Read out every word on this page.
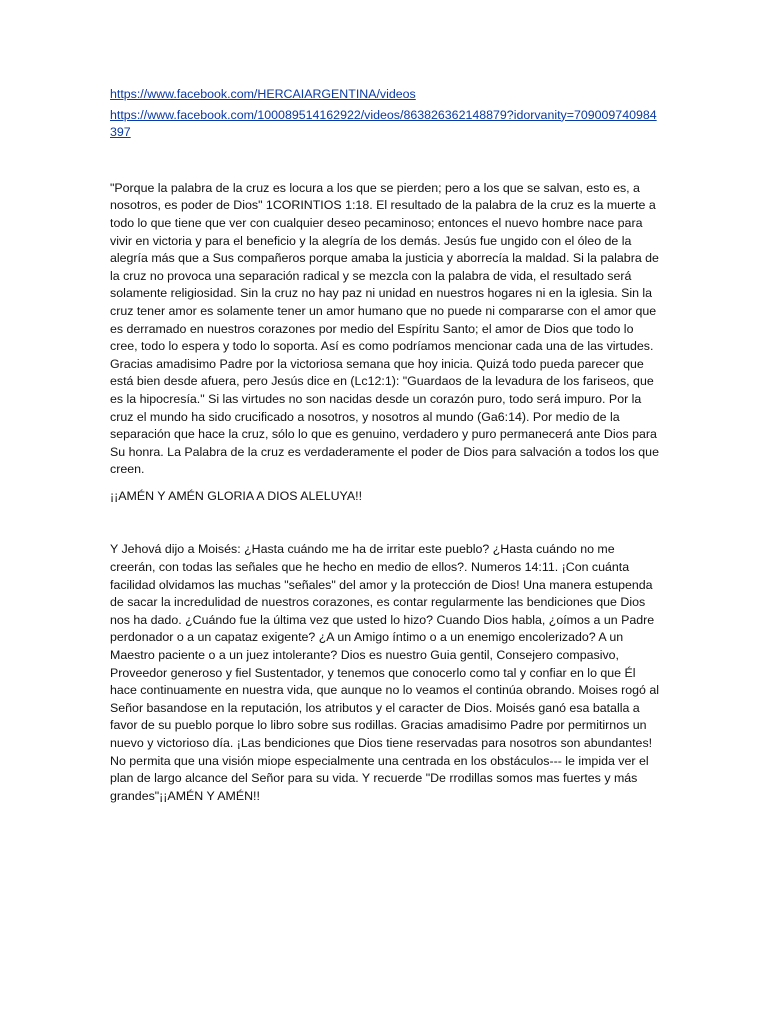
https://www.facebook.com/HERCAIARGENTINA/videos
https://www.facebook.com/100089514162922/videos/863826362148879?idorvanity=709009740984397

"Porque la palabra de la cruz es locura a los que se pierden; pero a los que se salvan, esto es, a nosotros, es poder de Dios" 1CORINTIOS 1:18. El resultado de la palabra de la cruz es la muerte a todo lo que tiene que ver con cualquier deseo pecaminoso; entonces el nuevo hombre nace para vivir en victoria y para el beneficio y la alegría de los demás. Jesús fue ungido con el óleo de la alegría más que a Sus compañeros porque amaba la justicia y aborrecía la maldad. Si la palabra de la cruz no provoca una separación radical y se mezcla con la palabra de vida, el resultado será solamente religiosidad. Sin la cruz no hay paz ni unidad en nuestros hogares ni en la iglesia. Sin la cruz tener amor es solamente tener un amor humano que no puede ni compararse con el amor que es derramado en nuestros corazones por medio del Espíritu Santo; el amor de Dios que todo lo cree, todo lo espera y todo lo soporta. Así es como podríamos mencionar cada una de las virtudes. Gracias amadisimo Padre por la victoriosa semana que hoy inicia. Quizá todo pueda parecer que está bien desde afuera, pero Jesús dice en (Lc12:1): "Guardaos de la levadura de los fariseos, que es la hipocresía." Si las virtudes no son nacidas desde un corazón puro, todo será impuro. Por la cruz el mundo ha sido crucificado a nosotros, y nosotros al mundo (Ga6:14). Por medio de la separación que hace la cruz, sólo lo que es genuino, verdadero y puro permanecerá ante Dios para Su honra. La Palabra de la cruz es verdaderamente el poder de Dios para salvación a todos los que creen.

¡¡AMÉN Y AMÉN GLORIA A DIOS ALELUYA!!

Y Jehová dijo a Moisés: ¿Hasta cuándo me ha de irritar este pueblo? ¿Hasta cuándo no me creerán, con todas las señales que he hecho en medio de ellos?. Numeros 14:11. ¡Con cuánta facilidad olvidamos las muchas "señales" del amor y la protección de Dios! Una manera estupenda de sacar la incredulidad de nuestros corazones, es contar regularmente las bendiciones que Dios nos ha dado. ¿Cuándo fue la última vez que usted lo hizo? Cuando Dios habla, ¿oímos a un Padre perdonador o a un capataz exigente? ¿A un Amigo íntimo o a un enemigo encolerizado? A un Maestro paciente o a un juez intolerante? Dios es nuestro Guia gentil, Consejero compasivo, Proveedor generoso y fiel Sustentador, y tenemos que conocerlo como tal y confiar en lo que Él hace continuamente en nuestra vida, que aunque no lo veamos el continúa obrando. Moises rogó al Señor basandose en la reputación, los atributos y el caracter de Dios. Moisés ganó esa batalla a favor de su pueblo porque lo libro sobre sus rodillas. Gracias amadisimo Padre por permitirnos un nuevo y victorioso día. ¡Las bendiciones que Dios tiene reservadas para nosotros son abundantes! No permita que una visión miope especialmente una centrada en los obstáculos--- le impida ver el plan de largo alcance del Señor para su vida. Y recuerde "De rrodillas somos mas fuertes y más grandes"¡¡AMÉN Y AMÉN!!
